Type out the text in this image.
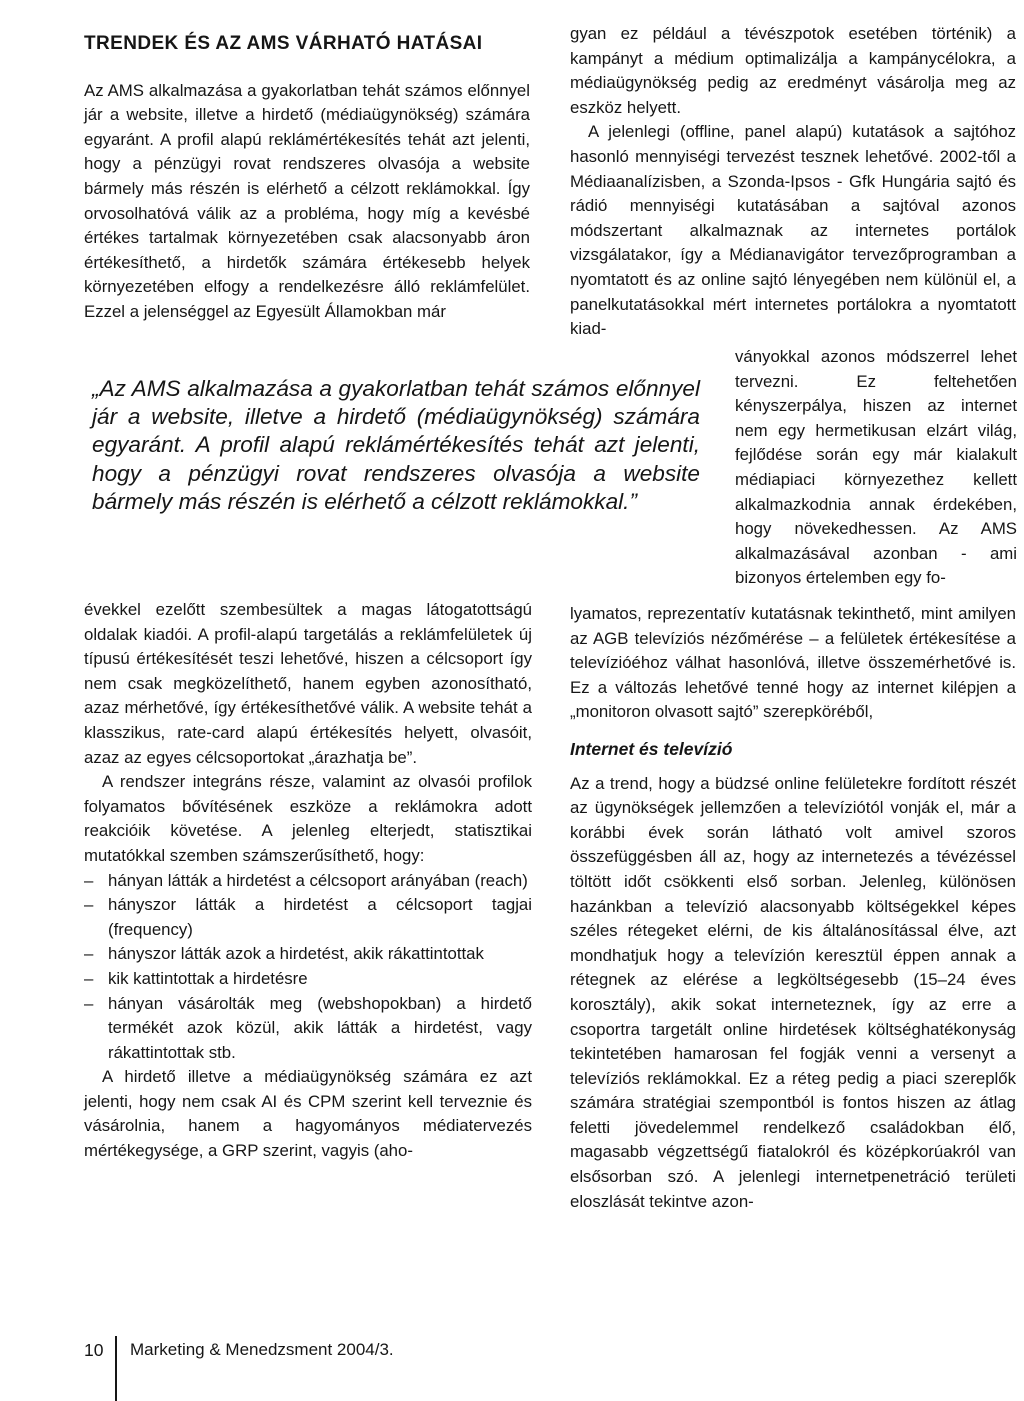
TRENDEK ÉS AZ AMS VÁRHATÓ HATÁSAI

Az AMS alkalmazása a gyakorlatban tehát számos előnnyel jár a website, illetve a hirdető (médiaügynökség) számára egyaránt. A profil alapú reklámértékesítés tehát azt jelenti, hogy a pénzügyi rovat rendszeres olvasója a website bármely más részén is elérhető a célzott reklámokkal. Így orvosolhatóvá válik az a probléma, hogy míg a kevésbé értékes tartalmak környezetében csak alacsonyabb áron értékesíthető, a hirdetők számára értékesebb helyek környezetében elfogy a rendelkezésre álló reklámfelület. Ezzel a jelenséggel az Egyesült Államokban már

„Az AMS alkalmazása a gyakorlatban tehát számos előnnyel jár a website, illetve a hirdető (médiaügynökség) számára egyaránt. A profil alapú reklámértékesítés tehát azt jelenti, hogy a pénzügyi rovat rendszeres olvasója a website bármely más részén is elérhető a célzott reklámokkal.”

évekkel ezelőtt szembesültek a magas látogatottságú oldalak kiadói. A profil-alapú targetálás a reklámfelületek új típusú értékesítését teszi lehetővé, hiszen a célcsoport így nem csak megközelíthető, hanem egyben azonosítható, azaz mérhetővé, így értékesíthetővé válik. A website tehát a klasszikus, rate-card alapú értékesítés helyett, olvasóit, azaz az egyes célcsoportokat „árazhatja be”.

A rendszer integráns része, valamint az olvasói profilok folyamatos bővítésének eszköze a reklámokra adott reakcióik követése. A jelenleg elterjedt, statisztikai mutatókkal szemben számszerűsíthető, hogy:

– hányan látták a hirdetést a célcsoport arányában (reach)
– hányszor látták a hirdetést a célcsoport tagjai (frequency)
– hányszor látták azok a hirdetést, akik rákattintottak
– kik kattintottak a hirdetésre
– hányan vásárolták meg (webshopokban) a hirdető termékét azok közül, akik látták a hirdetést, vagy rákattintottak stb.

A hirdető illetve a médiaügynökség számára ez azt jelenti, hogy nem csak AI és CPM szerint kell terveznie és vásárolnia, hanem a hagyományos médiatervezés mértékegysége, a GRP szerint, vagyis (aho-

gyan ez például a tévészpotok esetében történik) a kampányt a médium optimalizálja a kampánycélokra, a médiaügynökség pedig az eredményt vásárolja meg az eszköz helyett.

A jelenlegi (offline, panel alapú) kutatások a sajtóhoz hasonló mennyiségi tervezést tesznek lehetővé. 2002-től a Médiaanalízisben, a Szonda-Ipsos - Gfk Hungária sajtó és rádió mennyiségi kutatásában a sajtóval azonos módszertant alkalmaznak az internetes portálok vizsgálatakor, így a Médianavigátor tervezőprogramban a nyomtatott és az online sajtó lényegében nem különül el, a panelkutatásokkal mért internetes portálokra a nyomtatott kiad-

ványokkal azonos módszerrel lehet tervezni. Ez feltehetően kényszerpálya, hiszen az internet nem egy hermetikusan elzárt világ, fejlődése során egy már kialakult médiapiaci környezethez kellett alkalmazkodnia annak érdekében, hogy növekedhessen. Az AMS alkalmazásával azonban - ami bizonyos értelemben egy fo-

lyamatos, reprezentatív kutatásnak tekinthető, mint amilyen az AGB televíziós nézőmérése – a felületek értékesítése a televízióéhoz válhat hasonlóvá, illetve összemérhetővé is. Ez a változás lehetővé tenné hogy az internet kilépjen a „monitoron olvasott sajtó” szerepköréből,

Internet és televízió

Az a trend, hogy a büdzsé online felületekre fordított részét az ügynökségek jellemzően a televíziótól vonják el, már a korábbi évek során látható volt amivel szoros összefüggésben áll az, hogy az internetezés a tévézéssel töltött időt csökkenti első sorban. Jelenleg, különösen hazánkban a televízió alacsonyabb költségekkel képes széles rétegeket elérni, de kis általánosítással élve, azt mondhatjuk hogy a televízión keresztül éppen annak a rétegnek az elérése a legköltségesebb (15–24 éves korosztály), akik sokat interneteznek, így az erre a csoportra targetált online hirdetések költséghatékonyság tekintetében hamarosan fel fogják venni a versenyt a televíziós reklámokkal. Ez a réteg pedig a piaci szereplők számára stratégiai szempontból is fontos hiszen az átlag feletti jövedelemmel rendelkező családokban élő, magasabb végzettségű fiatalokról és középkorúakról van elsősorban szó. A jelenlegi internetpenetráció területi eloszlását tekintve azon-

10 Marketing & Menedzsment 2004/3.
